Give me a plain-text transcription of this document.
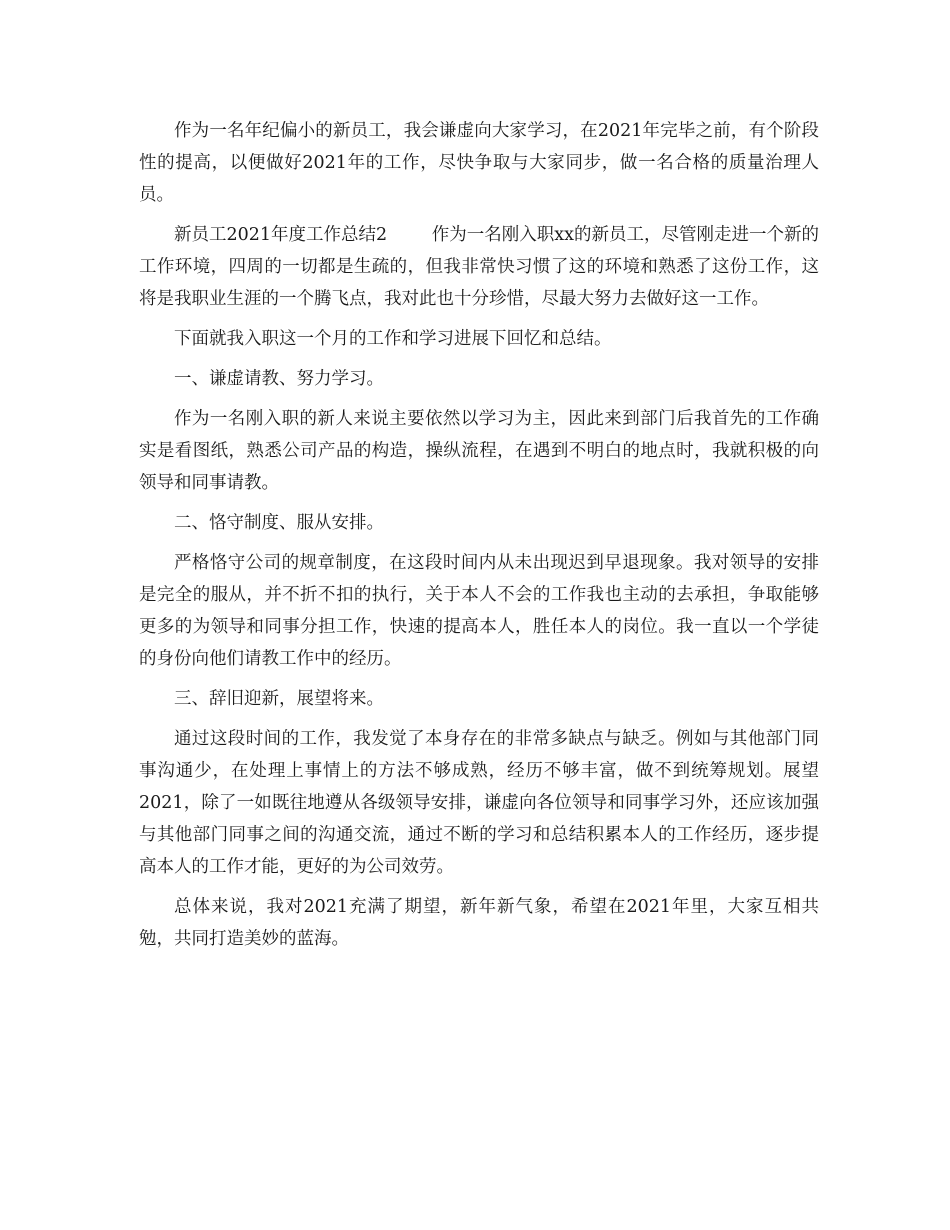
作为一名年纪偏小的新员工，我会谦虚向大家学习，在2021年完毕之前，有个阶段性的提高，以便做好2021年的工作，尽快争取与大家同步，做一名合格的质量治理人员。

新员工2021年度工作总结2        作为一名刚入职xx的新员工，尽管刚走进一个新的工作环境，四周的一切都是生疏的，但我非常快习惯了这的环境和熟悉了这份工作，这将是我职业生涯的一个腾飞点，我对此也十分珍惜，尽最大努力去做好这一工作。

下面就我入职这一个月的工作和学习进展下回忆和总结。

一、谦虚请教、努力学习。

作为一名刚入职的新人来说主要依然以学习为主，因此来到部门后我首先的工作确实是看图纸，熟悉公司产品的构造，操纵流程，在遇到不明白的地点时，我就积极的向领导和同事请教。

二、恪守制度、服从安排。

严格恪守公司的规章制度，在这段时间内从未出现迟到早退现象。我对领导的安排是完全的服从，并不折不扣的执行，关于本人不会的工作我也主动的去承担，争取能够更多的为领导和同事分担工作，快速的提高本人，胜任本人的岗位。我一直以一个学徒的身份向他们请教工作中的经历。

三、辞旧迎新，展望将来。

通过这段时间的工作，我发觉了本身存在的非常多缺点与缺乏。例如与其他部门同事沟通少，在处理上事情上的方法不够成熟，经历不够丰富，做不到统筹规划。展望2021，除了一如既往地遵从各级领导安排，谦虚向各位领导和同事学习外，还应该加强与其他部门同事之间的沟通交流，通过不断的学习和总结积累本人的工作经历，逐步提高本人的工作才能，更好的为公司效劳。

总体来说，我对2021充满了期望，新年新气象，希望在2021年里，大家互相共勉，共同打造美妙的蓝海。
